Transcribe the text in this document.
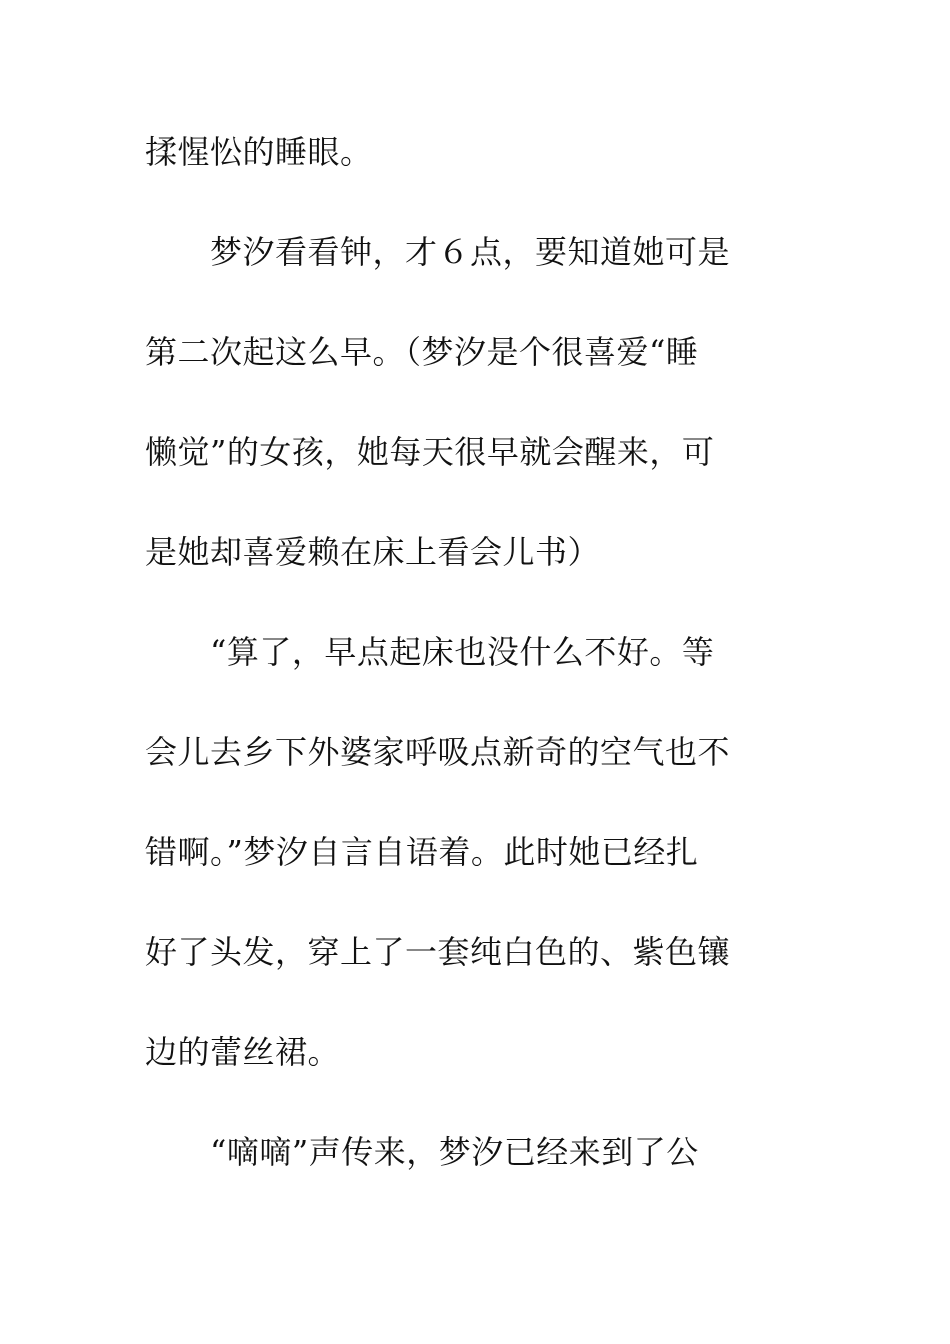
揉惺忪的睡眼。
　　梦汐看看钟，才６点，要知道她可是
第二次起这么早。（梦汐是个很喜爱“睡
懒觉”的女孩，她每天很早就会醒来，可
是她却喜爱赖在床上看会儿书）
　　“算了，早点起床也没什么不好。等
会儿去乡下外婆家呼吸点新奇的空气也不
错啊。”梦汐自言自语着。此时她已经扎
好了头发，穿上了一套纯白色的、紫色镶
边的蕾丝裙。
　　“嘀嘀”声传来，梦汐已经来到了公
